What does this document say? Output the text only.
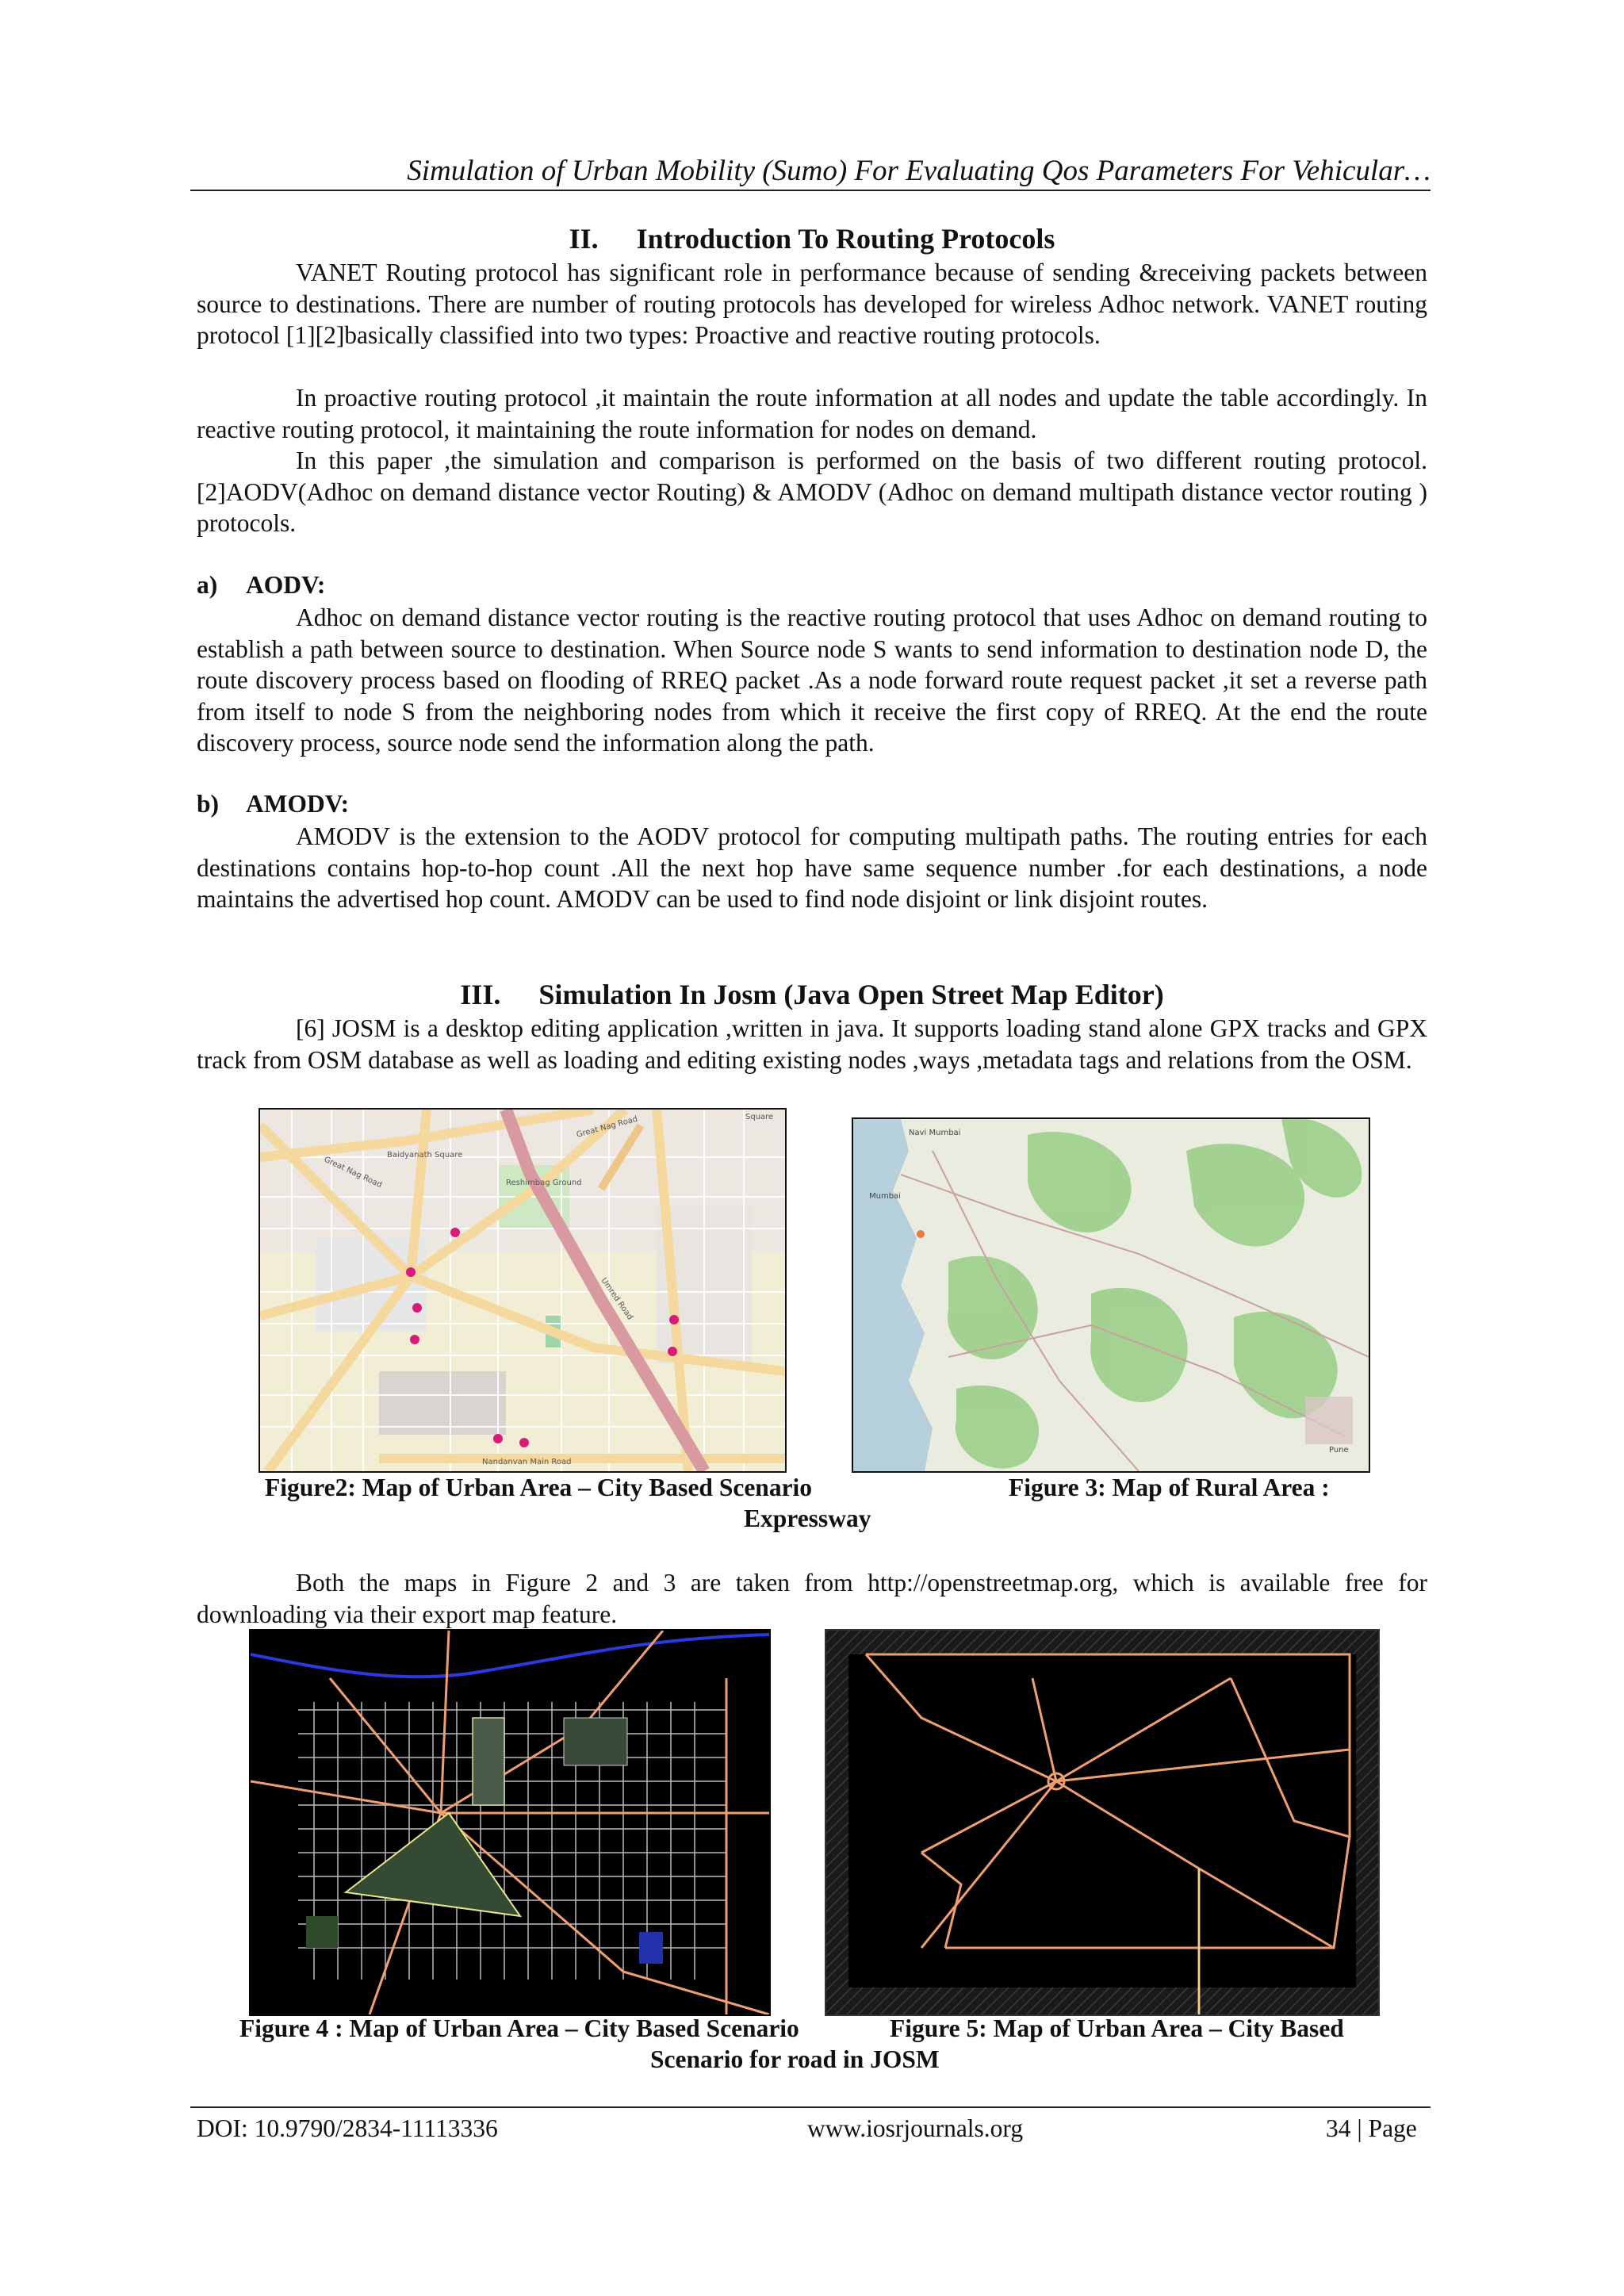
Simulation of Urban Mobility (Sumo) For Evaluating Qos Parameters For Vehicular…
II. Introduction To Routing Protocols
VANET Routing protocol has significant role in performance because of sending &receiving packets between source to destinations. There are number of routing protocols has developed for wireless Adhoc network. VANET routing protocol [1][2]basically classified into two types: Proactive and reactive routing protocols.
In proactive routing protocol ,it maintain the route information at all nodes and update the table accordingly. In reactive routing protocol, it maintaining the route information for nodes on demand.
In this paper ,the simulation and comparison is performed on the basis of two different routing protocol. [2]AODV(Adhoc on demand distance vector Routing) & AMODV (Adhoc on demand multipath distance vector routing ) protocols.
a) AODV:
Adhoc on demand distance vector routing is the reactive routing protocol that uses Adhoc on demand routing to establish a path between source to destination. When Source node S wants to send information to destination node D, the route discovery process based on flooding of RREQ packet .As a node forward route request packet ,it set a reverse path from itself to node S from the neighboring nodes from which it receive the first copy of RREQ. At the end the route discovery process, source node send the information along the path.
b) AMODV:
AMODV is the extension to the AODV protocol for computing multipath paths. The routing entries for each destinations contains hop-to-hop count .All the next hop have same sequence number .for each destinations, a node maintains the advertised hop count. AMODV can be used to find node disjoint or link disjoint routes.
III. Simulation In Josm (Java Open Street Map Editor)
[6] JOSM is a desktop editing application ,written in java. It supports loading stand alone GPX tracks and GPX track from OSM database as well as loading and editing existing nodes ,ways ,metadata tags and relations from the OSM.
Great Nag Road	Square
Baidyanath Square
Great Nag Road
Nandanvan Main Road
Reshimbag Ground
Umred Road
Navi Mumbai
Mumbai
Pune
Figure2: Map of Urban Area – City Based Scenario	Figure 3: Map of Rural Area :
Expressway
Both the maps in Figure 2 and 3 are taken from http://openstreetmap.org, which is available free for downloading via their export map feature.
Figure 4 : Map of Urban Area – City Based Scenario	Figure 5: Map of Urban Area – City Based
Scenario for road in JOSM
DOI: 10.9790/2834-11113336	www.iosrjournals.org	34 | Page
